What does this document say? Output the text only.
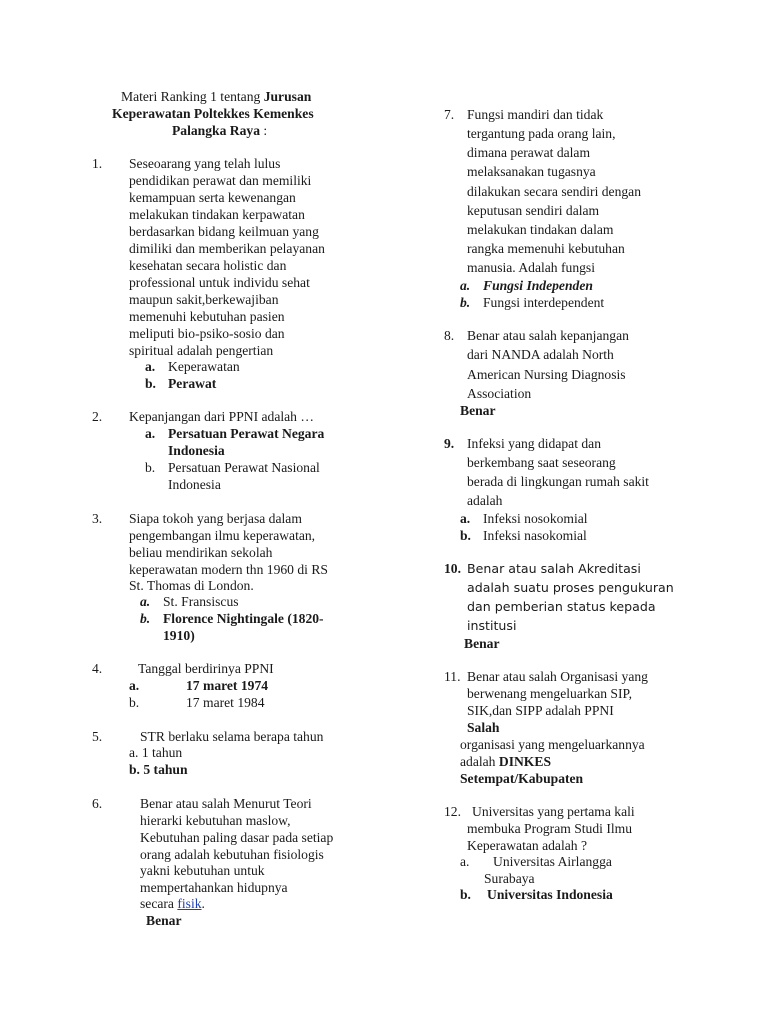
Materi Ranking 1 tentang Jurusan
Keperawatan Poltekkes Kemenkes
Palangka Raya :
1. Seseoarang yang telah lulus
pendidikan perawat dan memiliki
kemampuan serta kewenangan
melakukan tindakan kerpawatan
berdasarkan bidang keilmuan yang
dimiliki dan memberikan pelayanan
kesehatan secara holistic dan
professional untuk individu sehat
maupun sakit,berkewajiban
memenuhi kebutuhan pasien
meliputi bio-psiko-sosio dan
spiritual adalah pengertian
a. Keperawatan
b. Perawat
2. Kepanjangan dari PPNI adalah …
a. Persatuan Perawat Negara
Indonesia
b. Persatuan Perawat Nasional
Indonesia
3. Siapa tokoh yang berjasa dalam
pengembangan ilmu keperawatan,
beliau mendirikan sekolah
keperawatan modern thn 1960 di RS
St. Thomas di London.
a. St. Fransiscus
b. Florence Nightingale (1820-
1910)
4.	Tanggal berdirinya PPNI
a.	17 maret 1974
b.	17 maret 1984
5.	STR berlaku selama berapa tahun
a. 1 tahun
b. 5 tahun
6.	Benar atau salah Menurut Teori
hierarki kebutuhan maslow,
Kebutuhan paling dasar pada setiap
orang adalah kebutuhan fisiologis
yakni kebutuhan untuk
mempertahankan hidupnya
secara fisik.
Benar
7. Fungsi mandiri dan tidak
tergantung pada orang lain,
dimana perawat dalam
melaksanakan tugasnya
dilakukan secara sendiri dengan
keputusan sendiri dalam
melakukan tindakan dalam
rangka memenuhi kebutuhan
manusia. Adalah fungsi
a. Fungsi Independen
b. Fungsi interdependent
8. Benar atau salah kepanjangan
dari NANDA adalah North
American Nursing Diagnosis
Association
Benar
9. Infeksi yang didapat dan
berkembang saat seseorang
berada di lingkungan rumah sakit
adalah
a. Infeksi nosokomial
b. Infeksi nasokomial
10. Benar atau salah Akreditasi
adalah suatu proses pengukuran
dan pemberian status kepada
institusi
Benar
11. Benar atau salah Organisasi yang
berwenang mengeluarkan SIP,
SIK,dan SIPP adalah PPNI
Salah
organisasi yang mengeluarkannya
adalah DINKES
Setempat/Kabupaten
12. Universitas yang pertama kali
membuka Program Studi Ilmu
Keperawatan adalah ?
a. Universitas Airlangga
Surabaya
b. Universitas Indonesia
